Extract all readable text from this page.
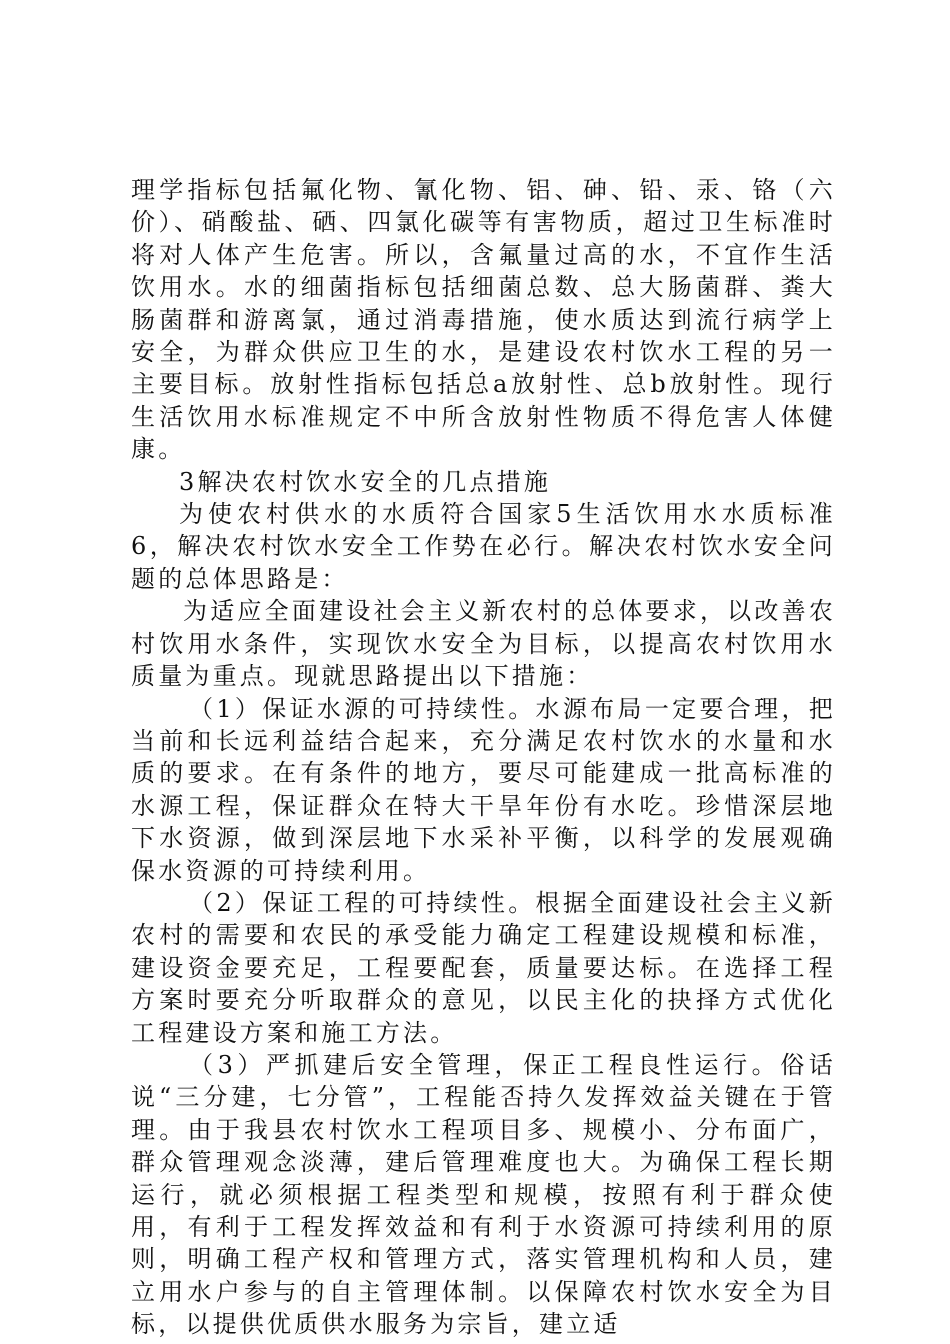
理学指标包括氟化物、氰化物、铝、砷、铅、汞、铬（六价）、硝酸盐、硒、四氯化碳等有害物质，超过卫生标准时将对人体产生危害。所以，含氟量过高的水，不宜作生活饮用水。水的细菌指标包括细菌总数、总大肠菌群、粪大肠菌群和游离氯，通过消毒措施，使水质达到流行病学上安全，为群众供应卫生的水，是建设农村饮水工程的另一主要目标。放射性指标包括总a放射性、总b放射性。现行生活饮用水标准规定不中所含放射性物质不得危害人体健康。

3解决农村饮水安全的几点措施

为使农村供水的水质符合国家5生活饮用水水质标准6，解决农村饮水安全工作势在必行。解决农村饮水安全问题的总体思路是：

为适应全面建设社会主义新农村的总体要求，以改善农村饮用水条件，实现饮水安全为目标，以提高农村饮用水质量为重点。现就思路提出以下措施：

（1）保证水源的可持续性。水源布局一定要合理，把当前和长远利益结合起来，充分满足农村饮水的水量和水质的要求。在有条件的地方，要尽可能建成一批高标准的水源工程，保证群众在特大干旱年份有水吃。珍惜深层地下水资源，做到深层地下水采补平衡，以科学的发展观确保水资源的可持续利用。

（2）保证工程的可持续性。根据全面建设社会主义新农村的需要和农民的承受能力确定工程建设规模和标准，建设资金要充足，工程要配套，质量要达标。在选择工程方案时要充分听取群众的意见，以民主化的抉择方式优化工程建设方案和施工方法。

（3）严抓建后安全管理，保正工程良性运行。俗话说“三分建，七分管”，工程能否持久发挥效益关键在于管理。由于我县农村饮水工程项目多、规模小、分布面广，群众管理观念淡薄，建后管理难度也大。为确保工程长期运行，就必须根据工程类型和规模，按照有利于群众使用，有利于工程发挥效益和有利于水资源可持续利用的原则，明确工程产权和管理方式，落实管理机构和人员，建立用水户参与的自主管理体制。以保障农村饮水安全为目标，以提供优质供水服务为宗旨，建立适
